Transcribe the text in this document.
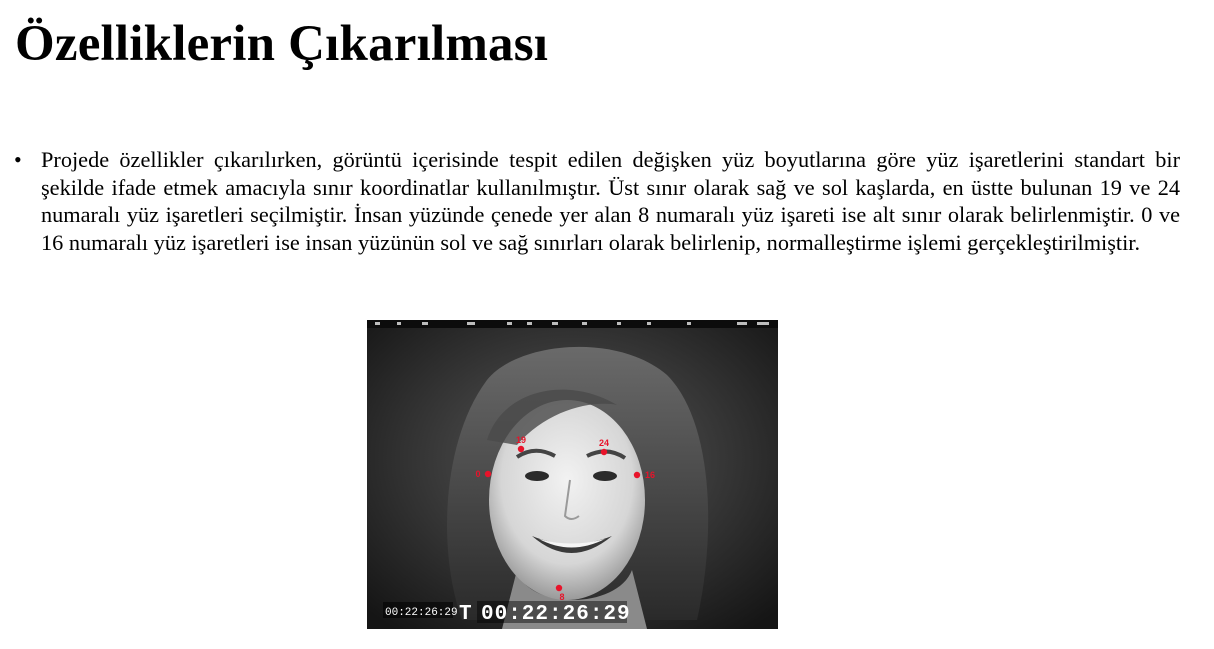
Özelliklerin Çıkarılması
• Projede özellikler çıkarılırken, görüntü içerisinde tespit edilen değişken yüz boyutlarına göre yüz işaretlerini standart bir şekilde ifade etmek amacıyla sınır koordinatlar kullanılmıştır. Üst sınır olarak sağ ve sol kaşlarda, en üstte bulunan 19 ve 24 numaralı yüz işaretleri seçilmiştir. İnsan yüzünde çenede yer alan 8 numaralı yüz işareti ise alt sınır olarak belirlenmiştir. 0 ve 16 numaralı yüz işaretleri ise insan yüzünün sol ve sağ sınırları olarak belirlenip, normalleştirme işlemi gerçekleştirilmiştir.
19	24
0	16
8
00:22:26:29 T 00:22:26:29
